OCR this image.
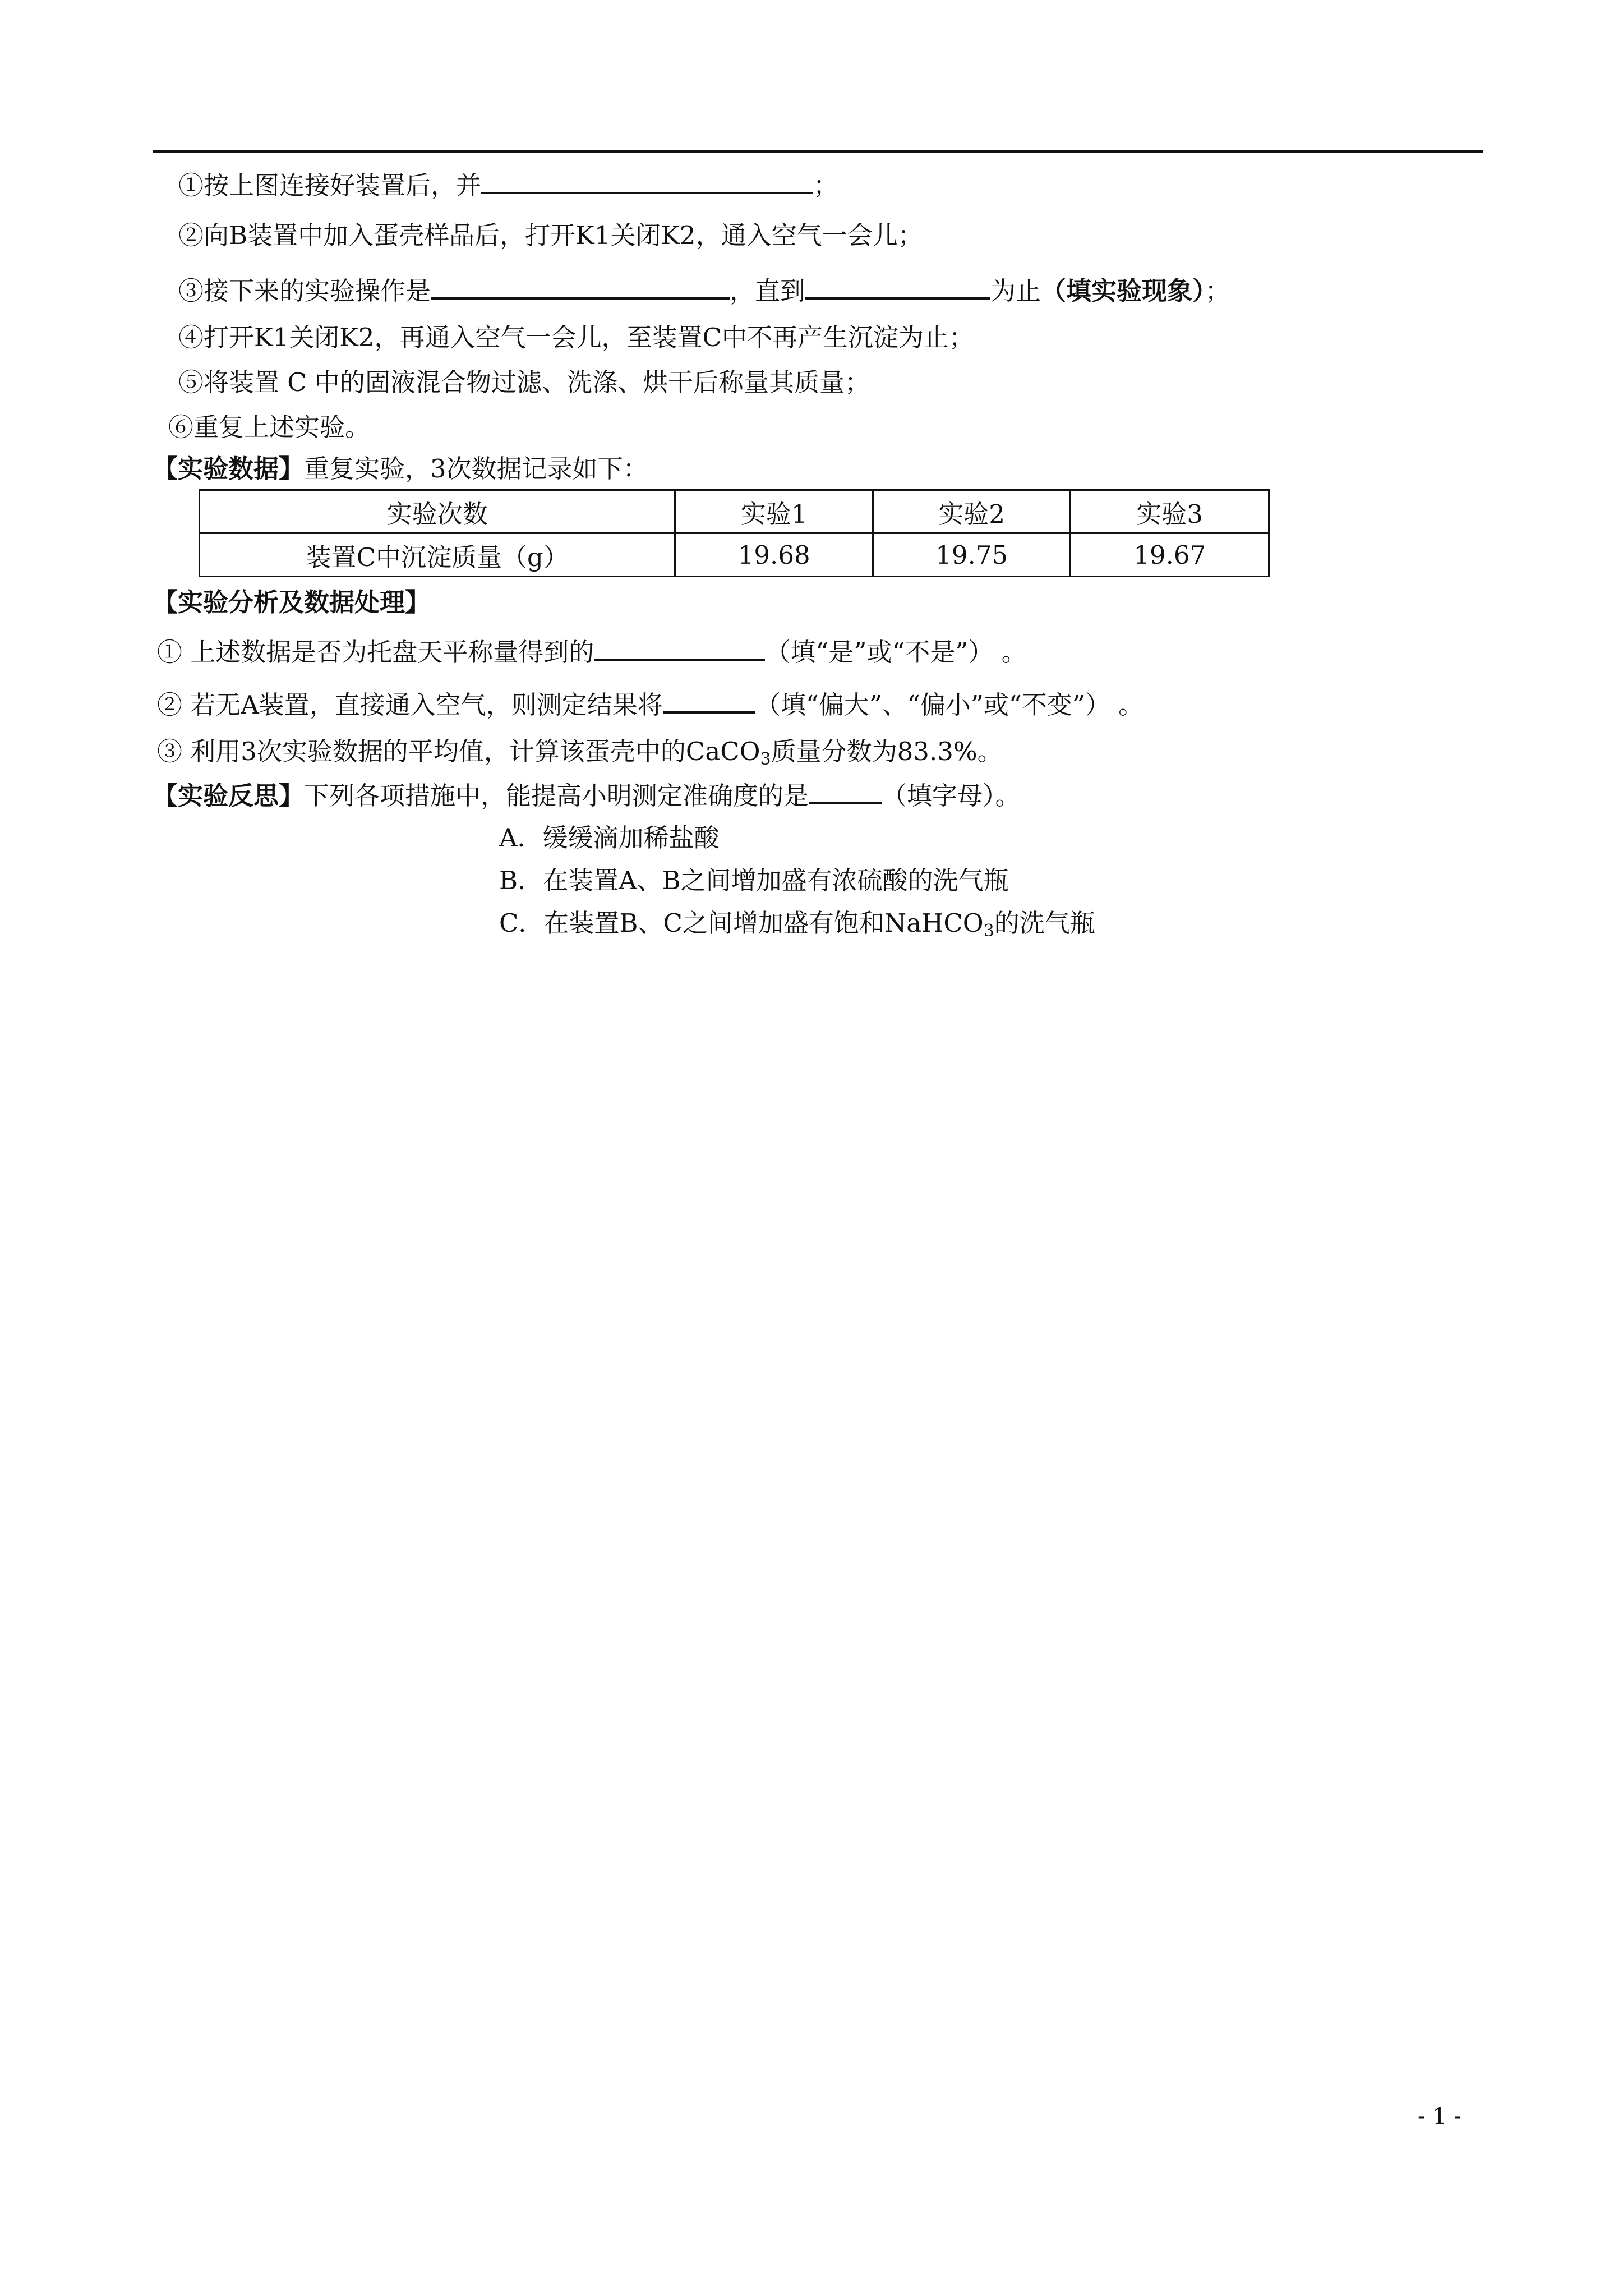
①按上图连接好装置后，并	；
②向B装置中加入蛋壳样品后，打开K1关闭K2，通入空气一会儿；
③接下来的实验操作是	，直到	为止（填实验现象）；
④打开K1关闭K2，再通入空气一会儿，至装置C中不再产生沉淀为止；
⑤将装置 C 中的固液混合物过滤、洗涤、烘干后称量其质量；
⑥重复上述实验。
【实验数据】重复实验，3次数据记录如下：
实验次数	实验1	实验2	实验3
装置C中沉淀质量（g）	19.68	19.75	19.67
【实验分析及数据处理】
① 上述数据是否为托盘天平称量得到的	（填“是”或“不是”） 。
② 若无A装置，直接通入空气，则测定结果将	（填“偏大”、“偏小”或“不变”） 。
③ 利用3次实验数据的平均值，计算该蛋壳中的CaCO$_3$质量分数为83.3%。
【实验反思】下列各项措施中，能提高小明测定准确度的是	（填字母）。
A．缓缓滴加稀盐酸
B．在装置A、B之间增加盛有浓硫酸的洗气瓶
C．在装置B、C之间增加盛有饱和NaHCO$_3$的洗气瓶
- 1 -
